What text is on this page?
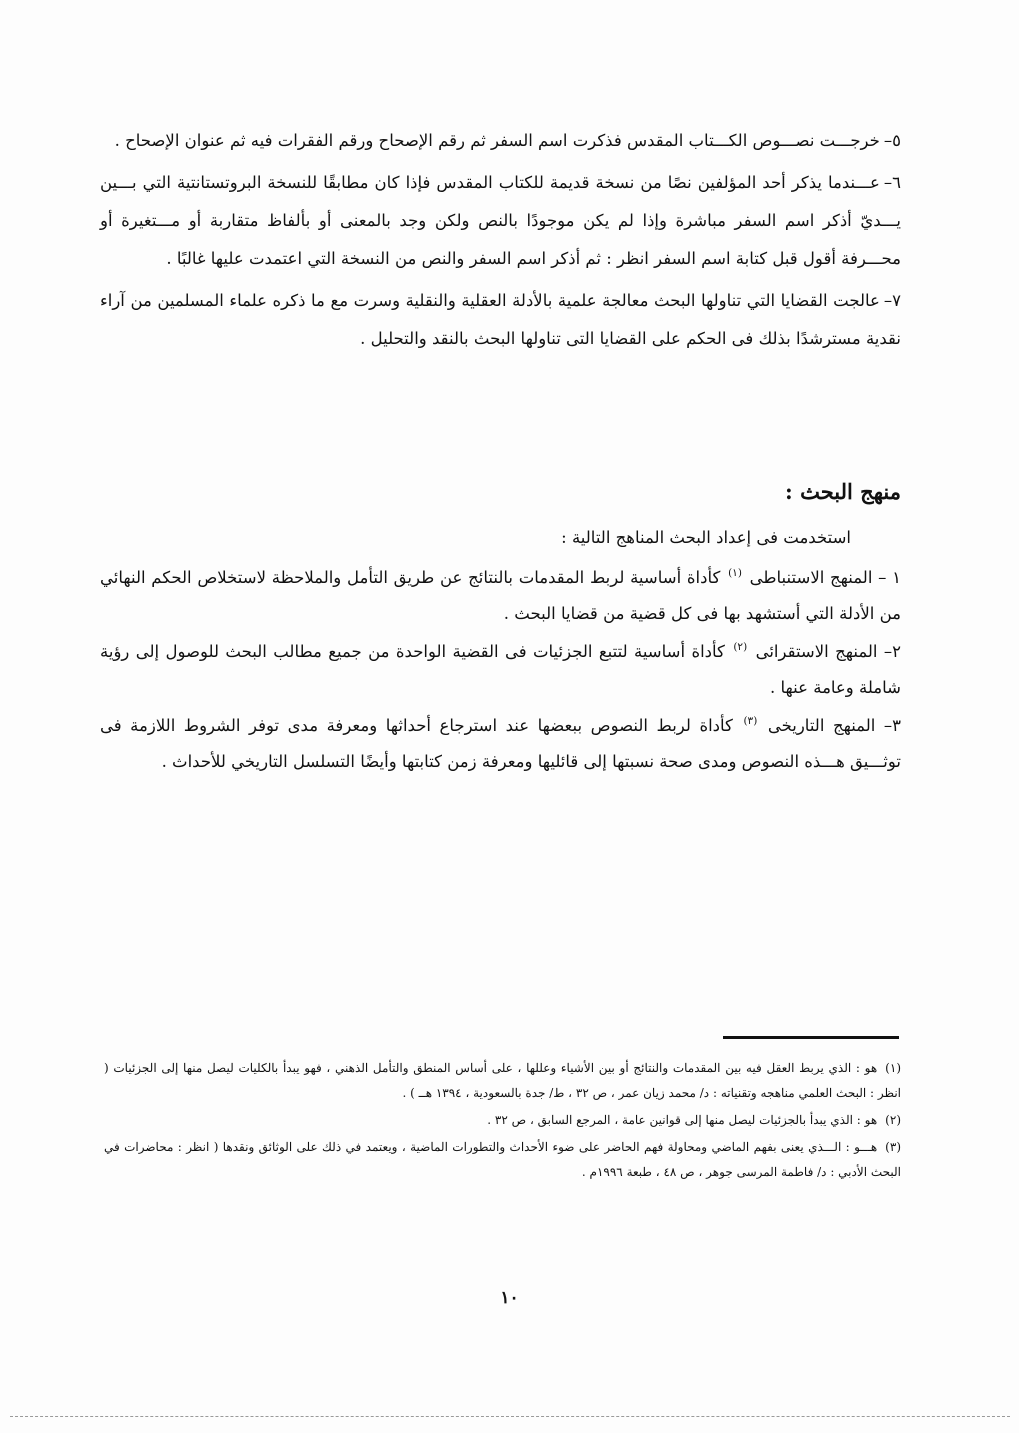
٥–خرجـــت نصـــوص الكـــتاب المقدس فذكرت اسم السفر ثم رقم الإصحاح ورقم الفقرات فيه ثم عنوان الإصحاح .
٦–عـــندما يذكر أحد المؤلفين نصًا من نسخة قديمة للكتاب المقدس فإذا كان مطابقًا للنسخة البروتستانتية التي بـــين يـــديّ أذكر اسم السفر مباشرة وإذا لم يكن موجودًا بالنص ولكن وجد بالمعنى أو بألفاظ متقاربة أو مـــتغيرة أو محـــرفة أقول قبل كتابة اسم السفر انظر : ثم أذكر اسم السفر والنص من النسخة التي اعتمدت عليها غالبًا .
٧–عالجت القضايا التي تناولها البحث معالجة علمية بالأدلة العقلية والنقلية وسرت مع ما ذكره علماء المسلمين من آراء نقدية مسترشدًا بذلك فى الحكم على القضايا التى تناولها البحث بالنقد والتحليل .
منهج البحث :

استخدمت فى إعداد البحث المناهج التالية :

١ – المنهج الاستنباطى $^{(١)}$ كأداة أساسية لربط المقدمات بالنتائج عن طريق التأمل والملاحظة لاستخلاص الحكم النهائي من الأدلة التي أستشهد بها فى كل قضية من قضايا البحث .
٢– المنهج الاستقرائى $^{(٢)}$ كأداة أساسية لتتبع الجزئيات فى القضية الواحدة من جميع مطالب البحث للوصول إلى رؤية شاملة وعامة عنها .
٣– المنهج التاريخى $^{(٣)}$ كأداة لربط النصوص ببعضها عند استرجاع أحداثها ومعرفة مدى توفر الشروط اللازمة فى توثـــيق هـــذه النصوص ومدى صحة نسبتها إلى قائليها ومعرفة زمن كتابتها وأيضًا التسلسل التاريخي للأحداث .
(١)هو : الذي يربط العقل فيه بين المقدمات والنتائج أو بين الأشياء وعللها ، على أساس المنطق والتأمل الذهني ، فهو يبدأ بالكليات ليصل منها إلى الجزئيات ( انظر : البحث العلمي مناهجه وتقنياته : د/ محمد زيان عمر ، ص ٣٢ ، ط/ جدة بالسعودية ، ١٣٩٤ هــ ) .
(٢)هو : الذي يبدأ بالجزئيات ليصل منها إلى قوانين عامة ، المرجع السابق ، ص ٣٢ .
(٣)هـــو : الـــذي يعنى بفهم الماضي ومحاولة فهم الحاضر على ضوء الأحداث والتطورات الماضية ، ويعتمد في ذلك على الوثائق ونقدها ( انظر : محاضرات في البحث الأدبي : د/ فاطمة المرسى جوهر ، ص ٤٨ ، طبعة ١٩٩٦م .

١٠
